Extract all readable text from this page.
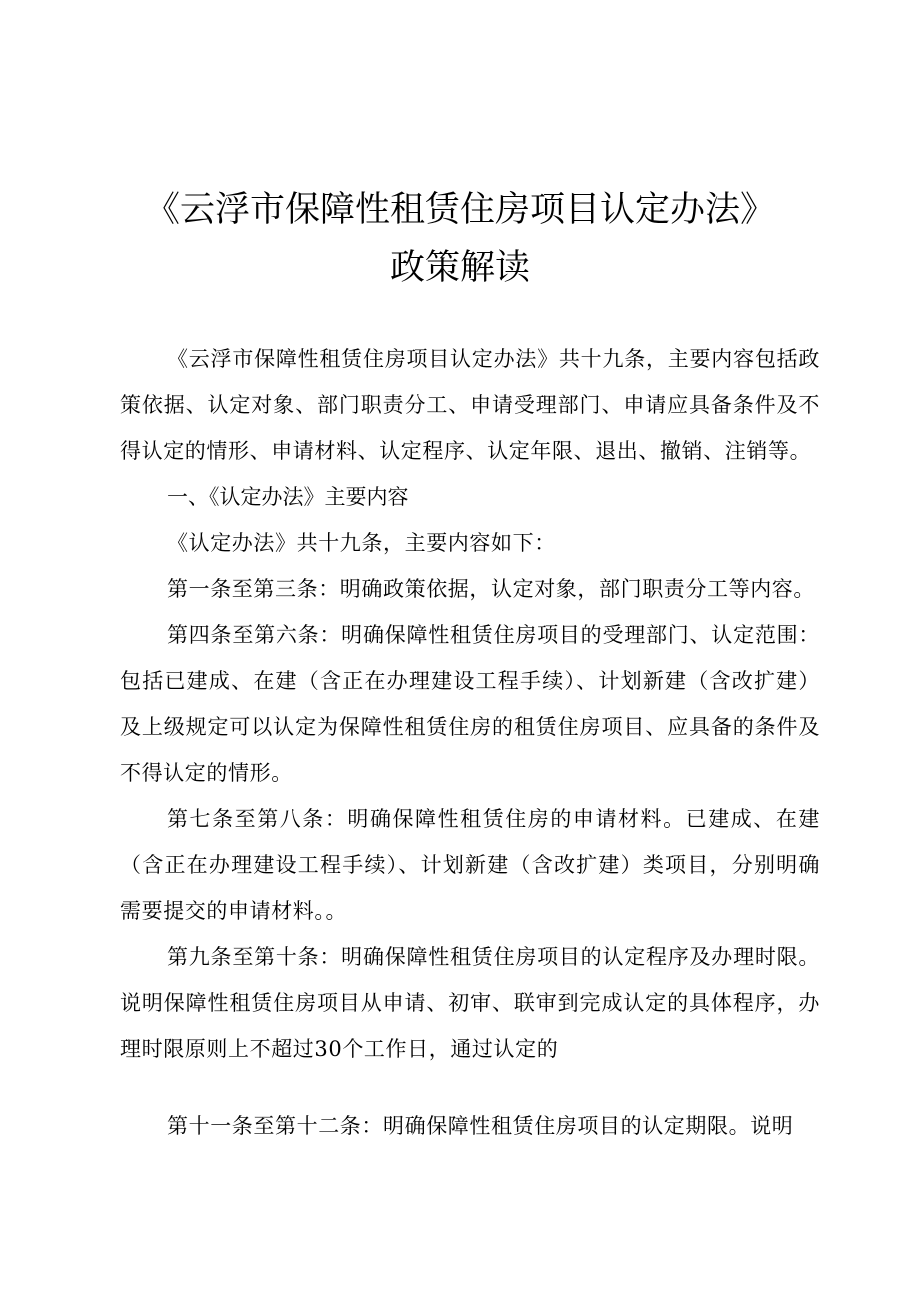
《云浮市保障性租赁住房项目认定办法》
政策解读

《云浮市保障性租赁住房项目认定办法》共十九条，主要内容包括政策依据、认定对象、部门职责分工、申请受理部门、申请应具备条件及不得认定的情形、申请材料、认定程序、认定年限、退出、撤销、注销等。

一、《认定办法》主要内容

《认定办法》共十九条，主要内容如下：

第一条至第三条：明确政策依据，认定对象，部门职责分工等内容。

第四条至第六条：明确保障性租赁住房项目的受理部门、认定范围：包括已建成、在建（含正在办理建设工程手续）、计划新建（含改扩建）及上级规定可以认定为保障性租赁住房的租赁住房项目、应具备的条件及不得认定的情形。

第七条至第八条：明确保障性租赁住房的申请材料。已建成、在建（含正在办理建设工程手续）、计划新建（含改扩建）类项目，分别明确需要提交的申请材料。。

第九条至第十条：明确保障性租赁住房项目的认定程序及办理时限。说明保障性租赁住房项目从申请、初审、联审到完成认定的具体程序，办理时限原则上不超过30个工作日，通过认定的

第十一条至第十二条：明确保障性租赁住房项目的认定期限。说明
